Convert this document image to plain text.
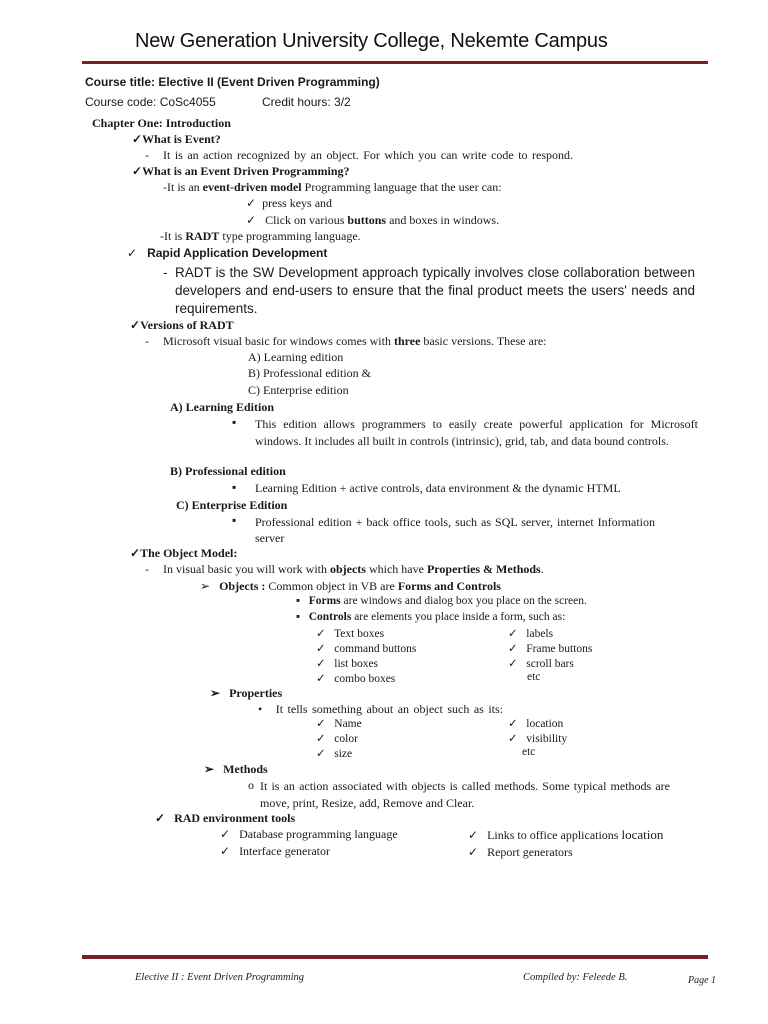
New Generation University College, Nekemte Campus
Course title: Elective II (Event Driven Programming)
Course code: CoSc4055	Credit hours: 3/2
Chapter One: Introduction
✓What is Event?
- It is an action recognized by an object. For which you can write code to respond.
✓What is an Event Driven Programming?
-It is an event-driven model Programming language that the user can:
✓ press keys and
✓ Click on various buttons and boxes in windows.
-It is RADT type programming language.
✓ Rapid Application Development
- RADT is the SW Development approach typically involves close collaboration between developers and end-users to ensure that the final product meets the users' needs and requirements.
✓Versions of RADT
- Microsoft visual basic for windows comes with three basic versions. These are:
A) Learning edition
B) Professional edition &
C) Enterprise edition
A) Learning Edition
▪ This edition allows programmers to easily create powerful application for Microsoft windows. It includes all built in controls (intrinsic), grid, tab, and data bound controls.
B) Professional edition
▪ Learning Edition + active controls, data environment & the dynamic HTML
C) Enterprise Edition
▪ Professional edition + back office tools, such as SQL server, internet Information server
✓The Object Model:
- In visual basic you will work with objects which have Properties & Methods.
➢ Objects : Common object in VB are Forms and Controls
▪ Forms are windows and dialog box you place on the screen.
▪ Controls are elements you place inside a form, such as:
✓ Text boxes
✓ command buttons
✓ list boxes
✓ combo boxes
✓ labels
✓ Frame buttons
✓ scroll bars
etc
➢ Properties
• It tells something about an object such as its:
✓ Name
✓ color
✓ size
✓ location
✓ visibility
etc
➢ Methods
o It is an action associated with objects is called methods. Some typical methods are move, print, Resize, add, Remove and Clear.
✓ RAD environment tools
✓ Database programming language
✓ Interface generator
✓ Links to office applications location
✓ Report generators
Elective II : Event Driven Programming	Compiled by: Feleede B.	Page 1
